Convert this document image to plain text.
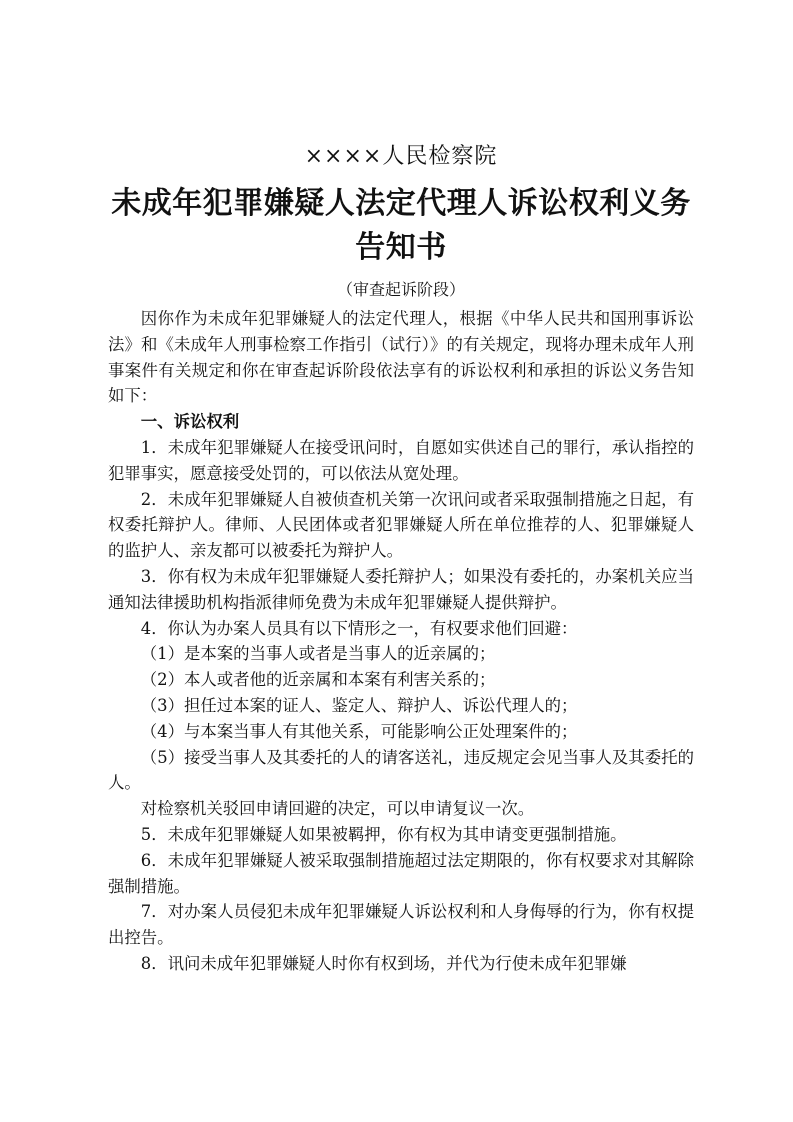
××××人民检察院
未成年犯罪嫌疑人法定代理人诉讼权利义务
告知书
（审查起诉阶段）

因你作为未成年犯罪嫌疑人的法定代理人，根据《中华人民共和国刑事诉讼法》和《未成年人刑事检察工作指引（试行）》的有关规定，现将办理未成年人刑事案件有关规定和你在审查起诉阶段依法享有的诉讼权利和承担的诉讼义务告知如下：

一、诉讼权利

1．未成年犯罪嫌疑人在接受讯问时，自愿如实供述自己的罪行，承认指控的犯罪事实，愿意接受处罚的，可以依法从宽处理。

2．未成年犯罪嫌疑人自被侦查机关第一次讯问或者采取强制措施之日起，有权委托辩护人。律师、人民团体或者犯罪嫌疑人所在单位推荐的人、犯罪嫌疑人的监护人、亲友都可以被委托为辩护人。

3．你有权为未成年犯罪嫌疑人委托辩护人；如果没有委托的，办案机关应当通知法律援助机构指派律师免费为未成年犯罪嫌疑人提供辩护。

4．你认为办案人员具有以下情形之一，有权要求他们回避：

（1）是本案的当事人或者是当事人的近亲属的；

（2）本人或者他的近亲属和本案有利害关系的；

（3）担任过本案的证人、鉴定人、辩护人、诉讼代理人的；

（4）与本案当事人有其他关系，可能影响公正处理案件的；

（5）接受当事人及其委托的人的请客送礼，违反规定会见当事人及其委托的人。

对检察机关驳回申请回避的决定，可以申请复议一次。

5．未成年犯罪嫌疑人如果被羁押，你有权为其申请变更强制措施。

6．未成年犯罪嫌疑人被采取强制措施超过法定期限的，你有权要求对其解除强制措施。

7．对办案人员侵犯未成年犯罪嫌疑人诉讼权利和人身侮辱的行为，你有权提出控告。

8．讯问未成年犯罪嫌疑人时你有权到场，并代为行使未成年犯罪嫌
